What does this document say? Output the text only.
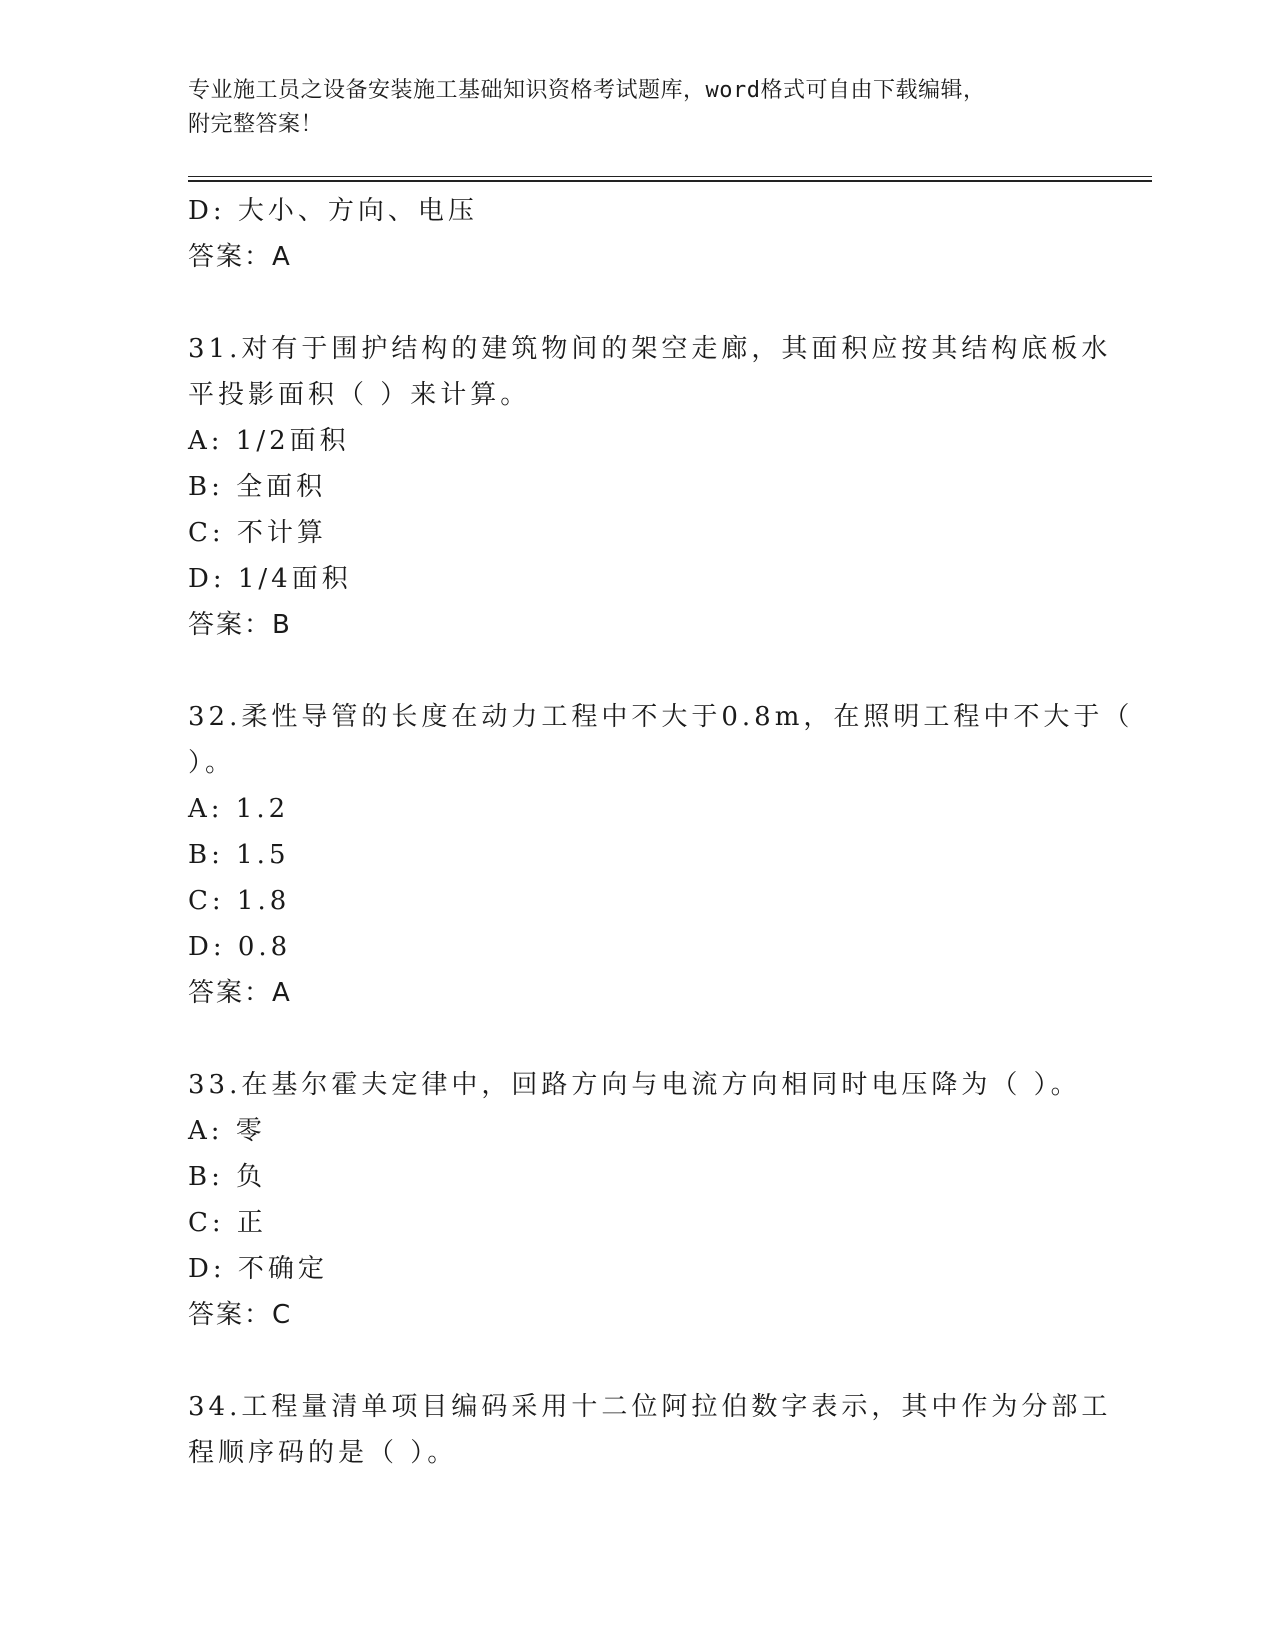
专业施工员之设备安装施工基础知识资格考试题库，word格式可自由下载编辑，
附完整答案！
D: 大小、方向、电压
答案：A
31.对有于围护结构的建筑物间的架空走廊，其面积应按其结构底板水
平投影面积（ ）来计算。
A: 1/2面积
B: 全面积
C: 不计算
D: 1/4面积
答案：B
32.柔性导管的长度在动力工程中不大于0.8m，在照明工程中不大于（
）。
A: 1.2
B: 1.5
C: 1.8
D: 0.8
答案：A
33.在基尔霍夫定律中，回路方向与电流方向相同时电压降为（ ）。
A: 零
B: 负
C: 正
D: 不确定
答案：C
34.工程量清单项目编码采用十二位阿拉伯数字表示，其中作为分部工
程顺序码的是（ ）。
